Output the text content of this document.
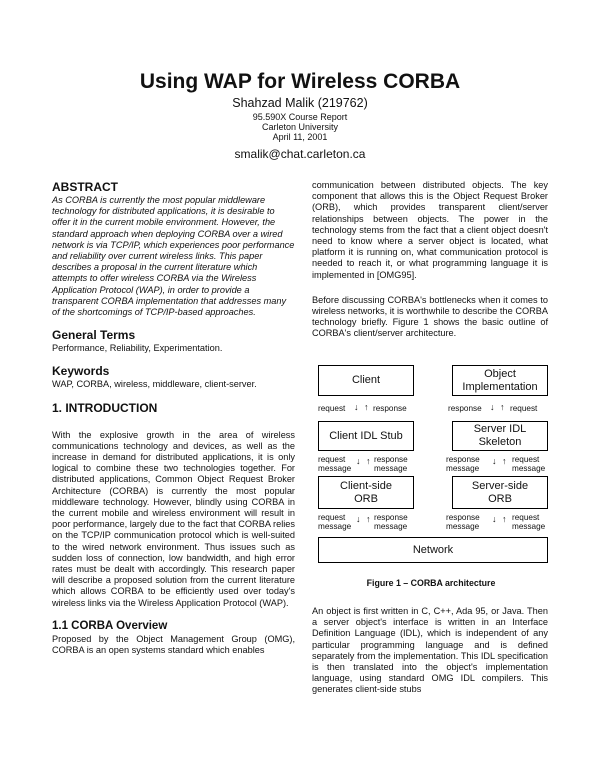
Using WAP for Wireless CORBA
Shahzad Malik (219762)
95.590X Course Report
Carleton University
April 11, 2001
smalik@chat.carleton.ca
ABSTRACT

As CORBA is currently the most popular middleware technology for distributed applications, it is desirable to offer it in the current mobile environment. However, the standard approach when deploying CORBA over a wired network is via TCP/IP, which experiences poor performance and reliability over current wireless links. This paper describes a proposal in the current literature which attempts to offer wireless CORBA via the Wireless Application Protocol (WAP), in order to provide a transparent CORBA implementation that addresses many of the shortcomings of TCP/IP-based approaches.

General Terms

Performance, Reliability, Experimentation.

Keywords

WAP, CORBA, wireless, middleware, client-server.

1. INTRODUCTION

With the explosive growth in the area of wireless communications technology and devices, as well as the increase in demand for distributed applications, it is only logical to combine these two technologies together. For distributed applications, Common Object Request Broker Architecture (CORBA) is currently the most popular middleware technology. However, blindly using CORBA in the current mobile and wireless environment will result in poor performance, largely due to the fact that CORBA relies on the TCP/IP communication protocol which is well-suited to the wired network environment. Thus issues such as sudden loss of connection, low bandwidth, and high error rates must be dealt with accordingly. This research paper will describe a proposed solution from the current literature which allows CORBA to be efficiently used over today's wireless links via the Wireless Application Protocol (WAP).

1.1 CORBA Overview

Proposed by the Object Management Group (OMG), CORBA is an open systems standard which enables

communication between distributed objects. The key component that allows this is the Object Request Broker (ORB), which provides transparent client/server relationships between objects. The power in the technology stems from the fact that a client object doesn't need to know where a server object is located, what platform it is running on, what communication protocol is needed to reach it, or what programming language it is implemented in [OMG95].

Before discussing CORBA's bottlenecks when it comes to wireless networks, it is worthwhile to describe the CORBA technology briefly. Figure 1 shows the basic outline of CORBA's client/server architecture.

Client
Object Implementation
request ↓ ↑ response	response ↓ ↑ request
Client IDL Stub
Server IDL Skeleton
request message
↓ ↑ response message
response message
↓ ↑ request message
Client-side ORB
Server-side ORB
request message
↓ ↑ response message
response message
↓ ↑ request message
Network
Figure 1 – CORBA architecture

An object is first written in C, C++, Ada 95, or Java. Then a server object's interface is written in an Interface Definition Language (IDL), which is independent of any particular programming language and is defined separately from the implementation. This IDL specification is then translated into the object's implementation language, using standard OMG IDL compilers. This generates client-side stubs
